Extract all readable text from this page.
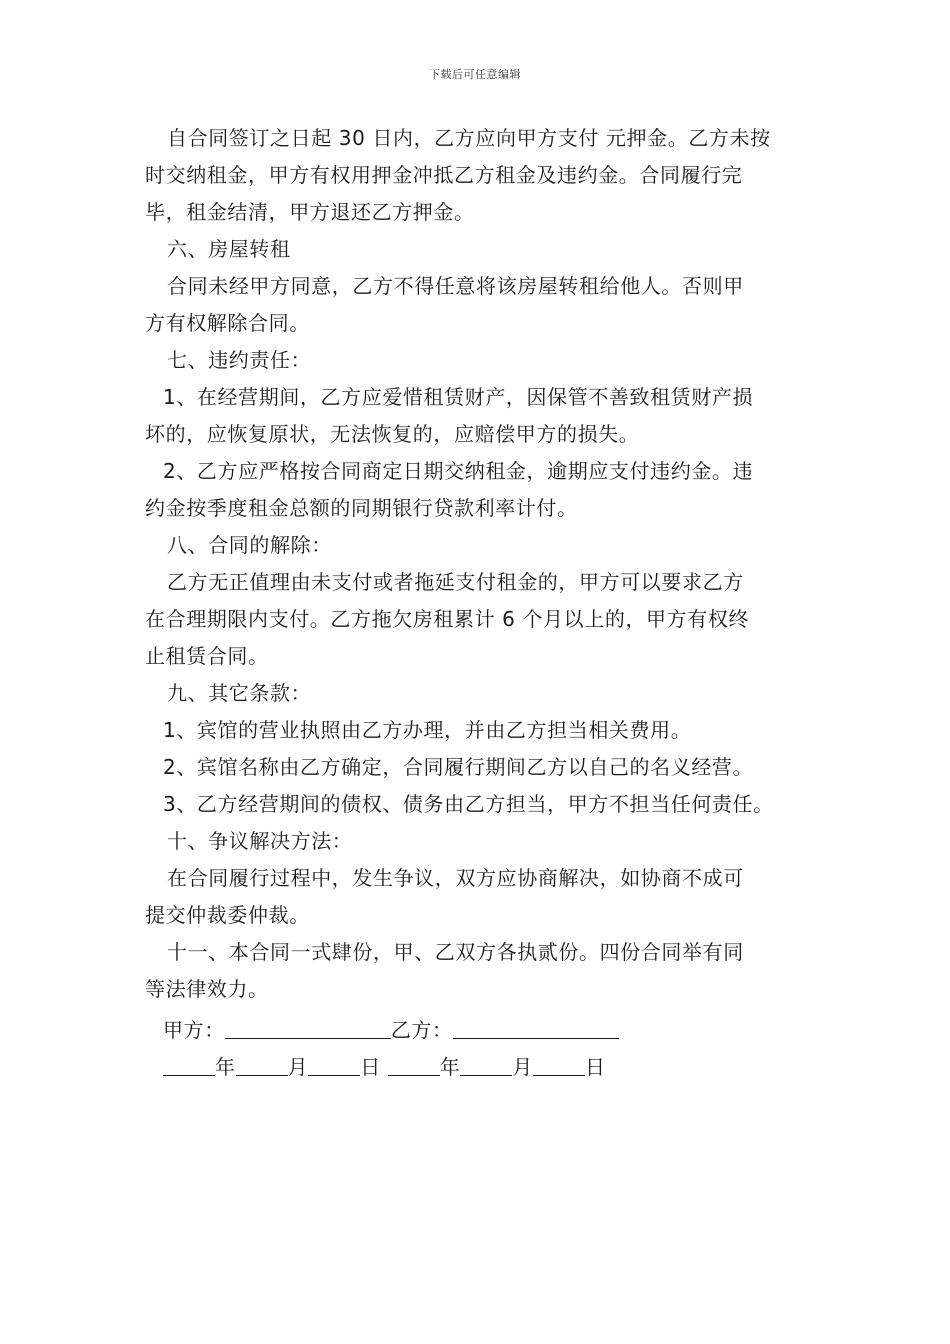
下载后可任意编辑
自合同签订之日起 30 日内，乙方应向甲方支付 元押金。乙方未按
时交纳租金，甲方有权用押金冲抵乙方租金及违约金。合同履行完
毕，租金结清，甲方退还乙方押金。
六、房屋转租
合同未经甲方同意，乙方不得任意将该房屋转租给他人。否则甲
方有权解除合同。
七、违约责任：
1、在经营期间，乙方应爱惜租赁财产，因保管不善致租赁财产损
坏的，应恢复原状，无法恢复的，应赔偿甲方的损失。
2、乙方应严格按合同商定日期交纳租金，逾期应支付违约金。违
约金按季度租金总额的同期银行贷款利率计付。
八、合同的解除：
乙方无正值理由未支付或者拖延支付租金的，甲方可以要求乙方
在合理期限内支付。乙方拖欠房租累计 6 个月以上的，甲方有权终
止租赁合同。
九、其它条款：
1、宾馆的营业执照由乙方办理，并由乙方担当相关费用。
2、宾馆名称由乙方确定，合同履行期间乙方以自己的名义经营。
3、乙方经营期间的债权、债务由乙方担当，甲方不担当任何责任。
十、争议解决方法：
在合同履行过程中，发生争议，双方应协商解决，如协商不成可
提交仲裁委仲裁。
十一、本合同一式肆份，甲、乙双方各执贰份。四份合同举有同
等法律效力。
甲方：	乙方：
年	月	日	年	月	日
